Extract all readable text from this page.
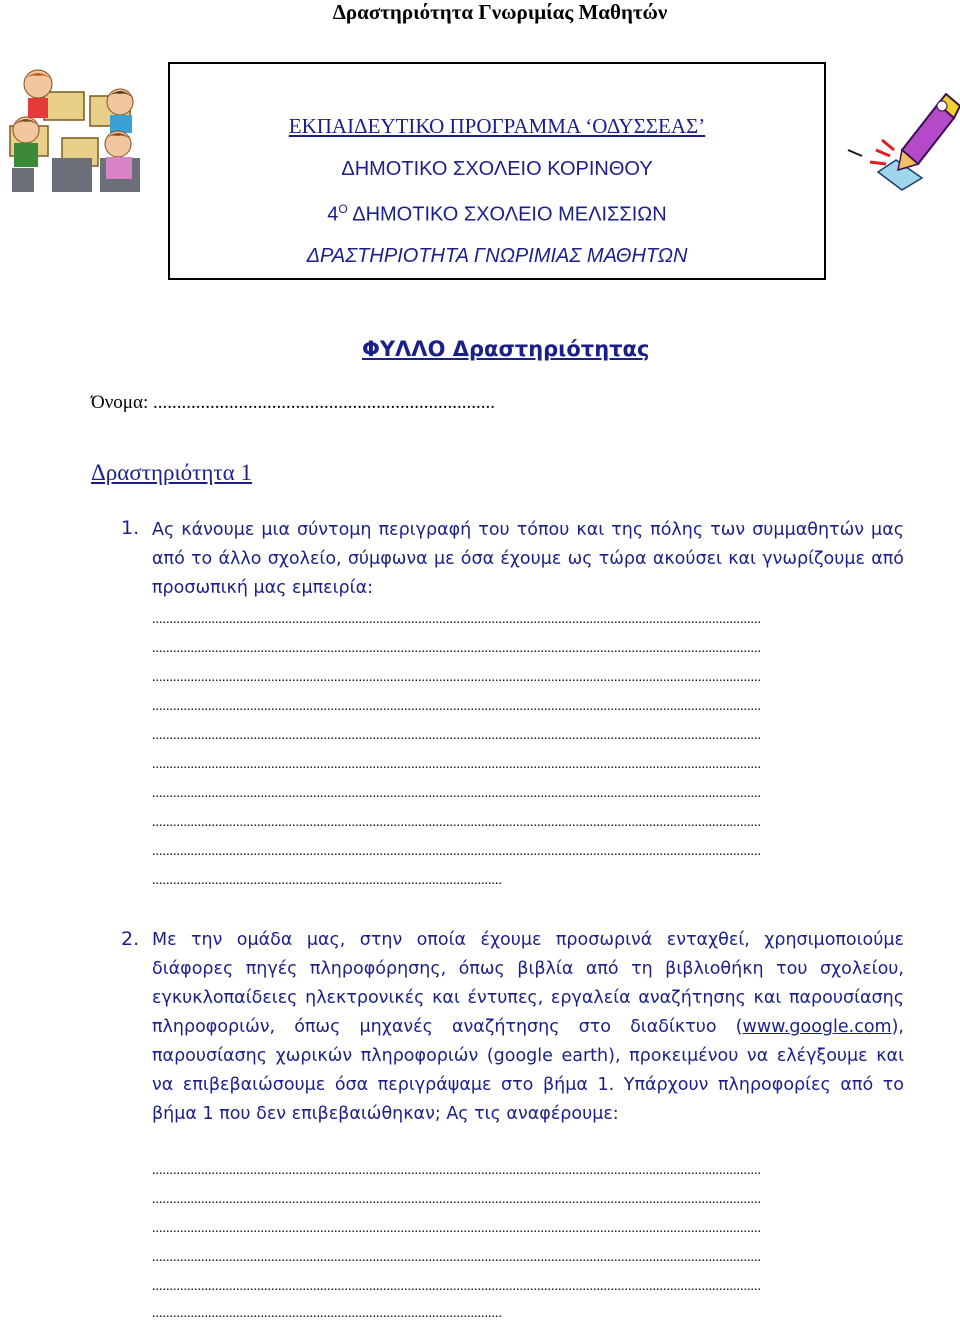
Δραστηριότητα Γνωριμίας Μαθητών
ΕΚΠΑΙΔΕΥΤΙΚΟ ΠΡΟΓΡΑΜΜΑ ‘ΟΔΥΣΣΕΑΣ’
ΔΗΜΟΤΙΚΟ ΣΧΟΛΕΙΟ ΚΟΡΙΝΘΟΥ
$4^O$ ΔΗΜΟΤΙΚΟ ΣΧΟΛΕΙΟ ΜΕΛΙΣΣΙΩΝ
ΔΡΑΣΤΗΡΙΟΤΗΤΑ ΓΝΩΡΙΜΙΑΣ ΜΑΘΗΤΩΝ
ΦΥΛΛΟ Δραστηριότητας
Όνομα: ........................................................................
Δραστηριότητα 1
1. Ας κάνουμε μια σύντομη περιγραφή του τόπου και της πόλης των συμμαθητών μας από το άλλο σχολείο, σύμφωνα με όσα έχουμε ως τώρα ακούσει και γνωρίζουμε από προσωπική μας εμπειρία:
..............................................................................................................................................................................
..............................................................................................................................................................................
..............................................................................................................................................................................
..............................................................................................................................................................................
..............................................................................................................................................................................
..............................................................................................................................................................................
..............................................................................................................................................................................
..............................................................................................................................................................................
..............................................................................................................................................................................
....................................................................................................
2. Με την ομάδα μας, στην οποία έχουμε προσωρινά ενταχθεί, χρησιμοποιούμε διάφορες πηγές πληροφόρησης, όπως βιβλία από τη βιβλιοθήκη του σχολείου, εγκυκλοπαίδειες ηλεκτρονικές και έντυπες, εργαλεία αναζήτησης και παρουσίασης πληροφοριών, όπως μηχανές αναζήτησης στο διαδίκτυο (www.google.com), παρουσίασης χωρικών πληροφοριών (google earth), προκειμένου να ελέγξουμε και να επιβεβαιώσουμε όσα περιγράψαμε στο βήμα 1. Υπάρχουν πληροφορίες από το βήμα 1 που δεν επιβεβαιώθηκαν; Ας τις αναφέρουμε:
..............................................................................................................................................................................
..............................................................................................................................................................................
..............................................................................................................................................................................
..............................................................................................................................................................................
..............................................................................................................................................................................
....................................................................................................
